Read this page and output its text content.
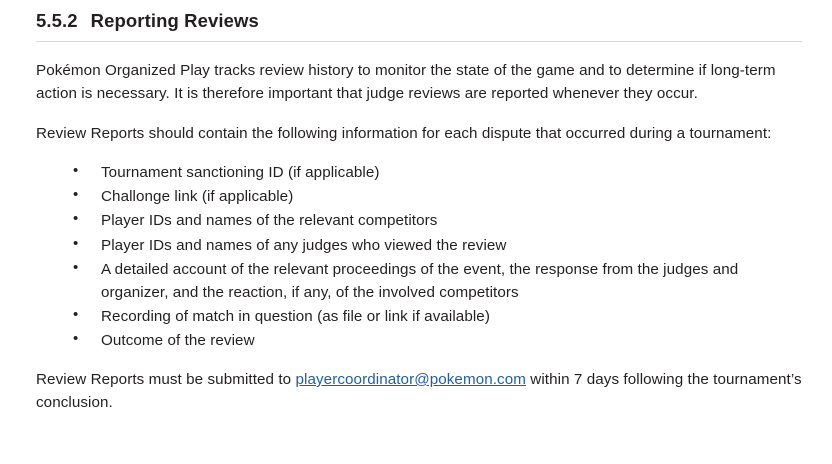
5.5.2 Reporting Reviews

Pokémon Organized Play tracks review history to monitor the state of the game and to determine if long-term action is necessary. It is therefore important that judge reviews are reported whenever they occur.

Review Reports should contain the following information for each dispute that occurred during a tournament:

• Tournament sanctioning ID (if applicable)
• Challonge link (if applicable)
• Player IDs and names of the relevant competitors
• Player IDs and names of any judges who viewed the review
• A detailed account of the relevant proceedings of the event, the response from the judges and organizer, and the reaction, if any, of the involved competitors
• Recording of match in question (as file or link if available)
• Outcome of the review

Review Reports must be submitted to playercoordinator@pokemon.com within 7 days following the tournament’s conclusion.
